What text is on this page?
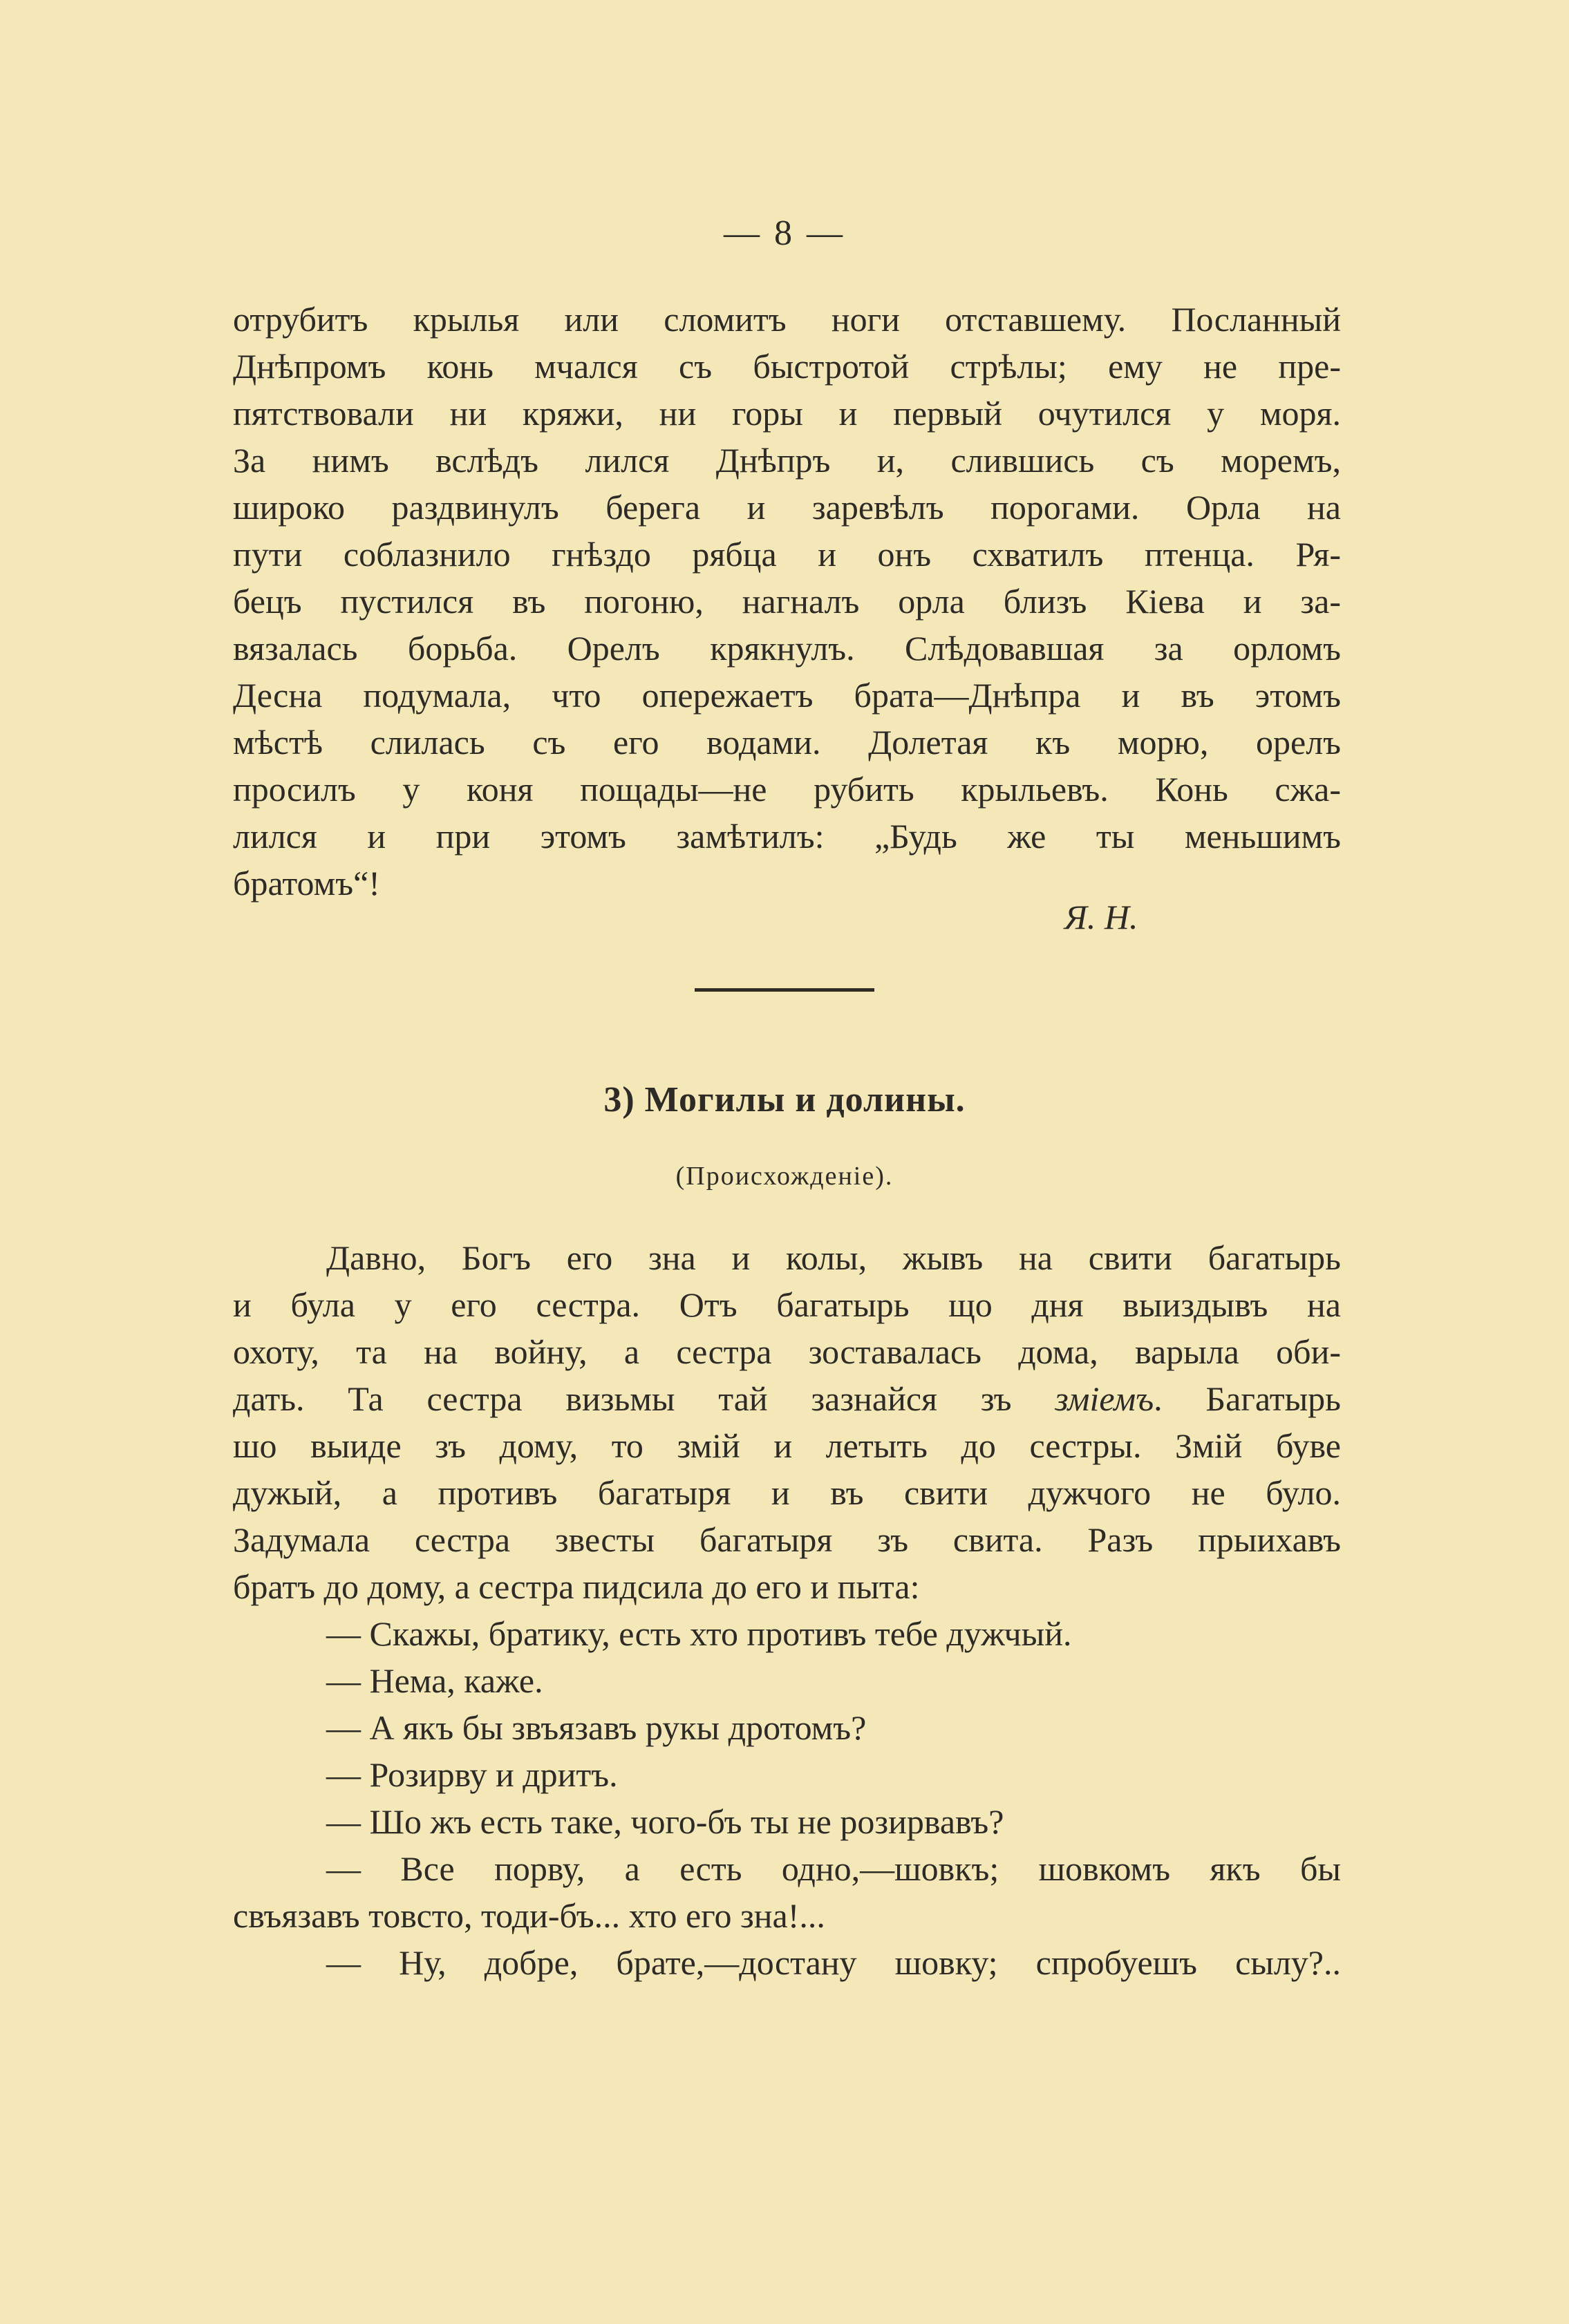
— 8 —
отрубитъ крылья или сломитъ ноги отставшему. Посланный
Днѣпромъ конь мчался съ быстротой стрѣлы; ему не пре-
пятствовали ни кряжи, ни горы и первый очутился у моря.
За нимъ вслѣдъ лился Днѣпръ и, слившись съ моремъ,
широко раздвинулъ берега и заревѣлъ порогами. Орла на
пути соблазнило гнѣздо рябца и онъ схватилъ птенца. Ря-
бецъ пустился въ погоню, нагналъ орла близъ Кіева и за-
вязалась борьба. Орелъ крякнулъ. Слѣдовавшая за орломъ
Десна подумала, что опережаетъ брата—Днѣпра и въ этомъ
мѣстѣ слилась съ его водами. Долетая къ морю, орелъ
просилъ у коня пощады—не рубить крыльевъ. Конь сжа-
лился и при этомъ замѣтилъ: „Будь же ты меньшимъ
братомъ“!
Я. Н.
3) Могилы и долины.
(Происхожденіе).
Давно, Богъ его зна и колы, жывъ на свити багатырь
и була у его сестра. Отъ багатырь що дня выиздывъ на
охоту, та на войну, а сестра зоставалась дома, варыла оби-
дать. Та сестра визьмы тай зазнайся зъ змiемъ. Багатырь
шо выиде зъ дому, то змій и летыть до сестры. Змій буве
дужый, а противъ багатыря и въ свити дужчого не було.
Задумала сестра звесты багатыря зъ свита. Разъ прыихавъ
братъ до дому, а сестра пидсила до его и пыта:
— Скажы, братику, есть хто противъ тебе дужчый.
— Нема, каже.
— А якъ бы звъязавъ рукы дротомъ?
— Розирву и дритъ.
— Шо жъ есть таке, чого-бъ ты не розирвавъ?
— Все порву, а есть одно,—шовкъ; шовкомъ якъ бы
свъязавъ товсто, тоди-бъ... хто его зна!...
— Ну, добре, брате,—достану шовку; спробуешъ сылу?..
